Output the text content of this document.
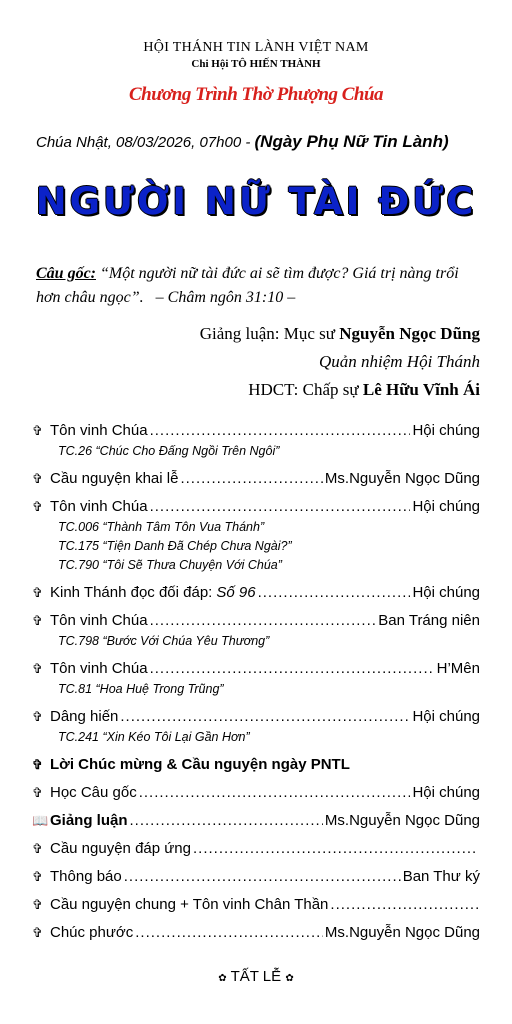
HỘI THÁNH TIN LÀNH VIỆT NAM
Chi Hội TÔ HIẾN THÀNH
Chương Trình Thờ Phượng Chúa
Chúa Nhật, 08/03/2026, 07h00 - (Ngày Phụ Nữ Tin Lành)
NGƯỜI NỮ TÀI ĐỨC
Câu gốc: “Một người nữ tài đức ai sẽ tìm được? Giá trị nàng trổi hơn châu ngọc”. – Châm ngôn 31:10 –
Giảng luận: Mục sư Nguyễn Ngọc Dũng
Quản nhiệm Hội Thánh
HDCT: Chấp sự Lê Hữu Vĩnh Ái
✞ Tôn vinh Chúa .....	Hội chúng
TC.26 “Chúc Cho Đấng Ngồi Trên Ngôi”
✞ Cầu nguyện khai lễ .....	Ms.Nguyễn Ngọc Dũng
✞ Tôn vinh Chúa .....	Hội chúng
TC.006 “Thành Tâm Tôn Vua Thánh”
TC.175 “Tiện Danh Đã Chép Chưa Ngài?”
TC.790 “Tôi Sẽ Thưa Chuyện Với Chúa”
✞ Kinh Thánh đọc đối đáp: Số 96 .....	Hội chúng
✞ Tôn vinh Chúa .....	Ban Tráng niên
TC.798 “Bước Với Chúa Yêu Thương”
✞ Tôn vinh Chúa .....	H’Mên
TC.81 “Hoa Huệ Trong Trũng”
✞ Dâng hiến .....	Hội chúng
TC.241 “Xin Kéo Tôi Lại Gần Hơn”
✞ Lời Chúc mừng & Cầu nguyện ngày PNTL
✞ Học Câu gốc .....	Hội chúng
📖 Giảng luận .....	Ms.Nguyễn Ngọc Dũng
✞ Cầu nguyện đáp ứng
.....
✞ Thông báo .....	Ban Thư ký
✞ Cầu nguyện chung + Tôn vinh Chân Thần
.....
✞ Chúc phước .....	Ms.Nguyễn Ngọc Dũng
✿ TẤT LỄ ✿
